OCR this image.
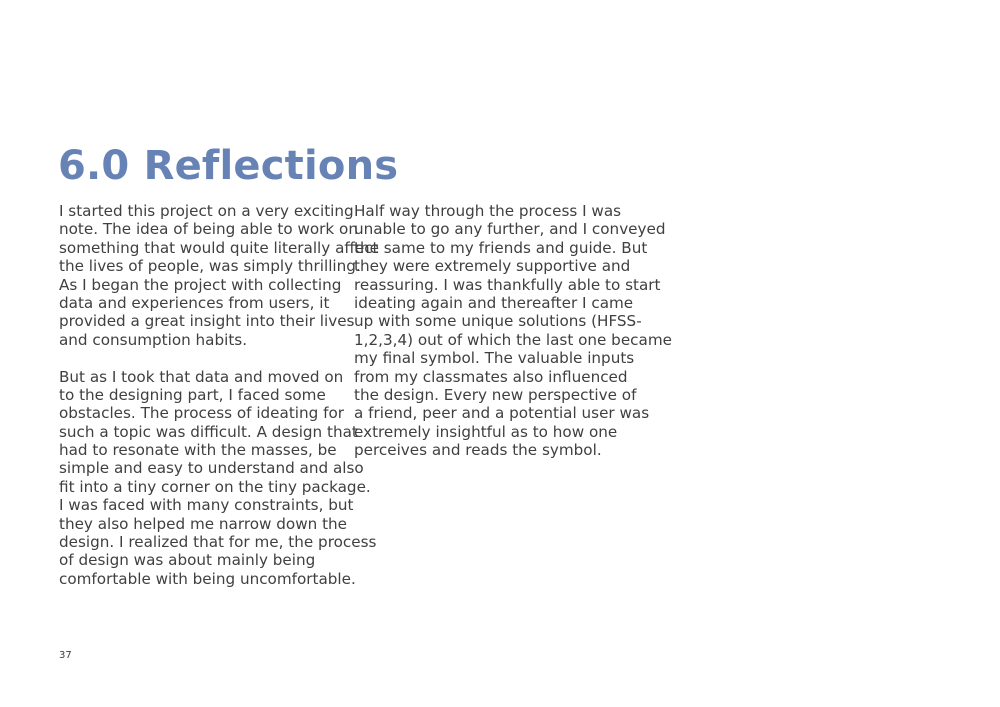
6.0 Reflections
I started this project on a very exciting
note. The idea of being able to work on
something that would quite literally affect
the lives of people, was simply thrilling.
As I began the project with collecting
data and experiences from users, it
provided a great insight into their lives
and consumption habits.
But as I took that data and moved on
to the designing part, I faced some
obstacles. The process of ideating for
such a topic was difficult. A design that
had to resonate with the masses, be
simple and easy to understand and also
fit into a tiny corner on the tiny package.
I was faced with many constraints, but
they also helped me narrow down the
design. I realized that for me, the process
of design was about mainly being
comfortable with being uncomfortable.
Half way through the process I was
unable to go any further, and I conveyed
the same to my friends and guide. But
they were extremely supportive and
reassuring. I was thankfully able to start
ideating again and thereafter I came
up with some unique solutions (HFSS-
1,2,3,4) out of which the last one became
my final symbol. The valuable inputs
from my classmates also influenced
the design. Every new perspective of
a friend, peer and a potential user was
extremely insightful as to how one
perceives and reads the symbol.
37
